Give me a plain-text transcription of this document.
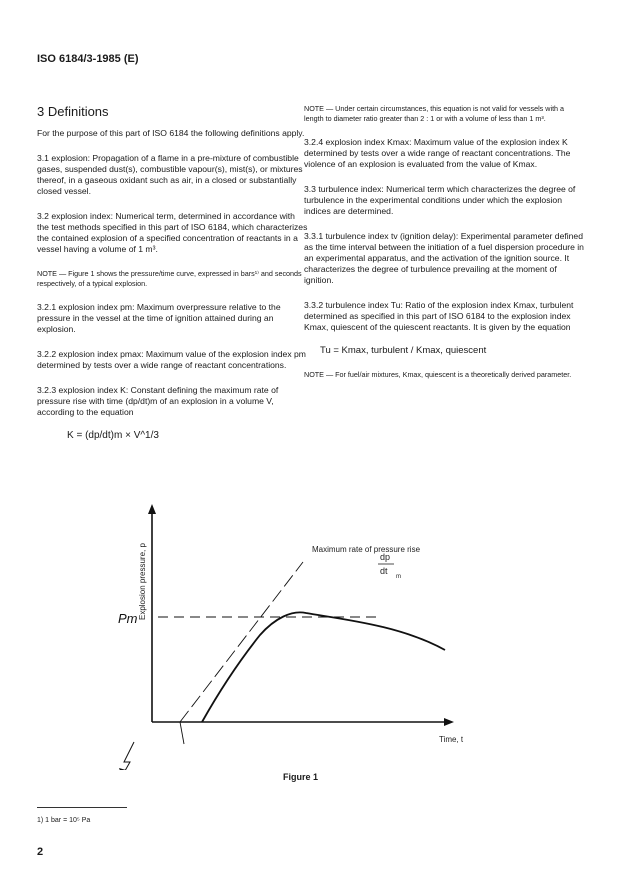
ISO 6184/3-1985 (E)
3 Definitions

For the purpose of this part of ISO 6184 the following definitions apply.

3.1 explosion: Propagation of a flame in a pre-mixture of combustible gases, suspended dust(s), combustible vapour(s), mist(s), or mixtures thereof, in a gaseous oxidant such as air, in a closed or substantially closed vessel.

3.2 explosion index: Numerical term, determined in accordance with the test methods specified in this part of ISO 6184, which characterizes the contained explosion of a specified concentration of reactants in a vessel having a volume of 1 m³.

NOTE — Figure 1 shows the pressure/time curve, expressed in bars¹⁾ and seconds respectively, of a typical explosion.

3.2.1 explosion index pm: Maximum overpressure relative to the pressure in the vessel at the time of ignition attained during an explosion.

3.2.2 explosion index pmax: Maximum value of the explosion index pm determined by tests over a wide range of reactant concentrations.

3.2.3 explosion index K: Constant defining the maximum rate of pressure rise with time (dp/dt)m of an explosion in a volume V, according to the equation

K = (dp/dt)m × V^1/3

NOTE — Under certain circumstances, this equation is not valid for vessels with a length to diameter ratio greater than 2 : 1 or with a volume of less than 1 m³.

3.2.4 explosion index Kmax: Maximum value of the explosion index K determined by tests over a wide range of reactant concentrations. The violence of an explosion is evaluated from the value of Kmax.

3.3 turbulence index: Numerical term which characterizes the degree of turbulence in the experimental conditions under which the explosion indices are determined.

3.3.1 turbulence index tv (ignition delay): Experimental parameter defined as the time interval between the initiation of a fuel dispersion procedure in an experimental apparatus, and the activation of the ignition source. It characterizes the degree of turbulence prevailing at the moment of ignition.

3.3.2 turbulence index Tu: Ratio of the explosion index Kmax, turbulent determined as specified in this part of ISO 6184 to the explosion index Kmax, quiescent of the quiescent reactants. It is given by the equation

Tu = Kmax, turbulent / Kmax, quiescent

NOTE — For fuel/air mixtures, Kmax, quiescent is a theoretically derived parameter.

Explosion pressure, p
Pm
Maximum rate of pressure rise
dp
dt
m
Time, t
Figure 1
1) 1 bar = 10⁵ Pa
2
